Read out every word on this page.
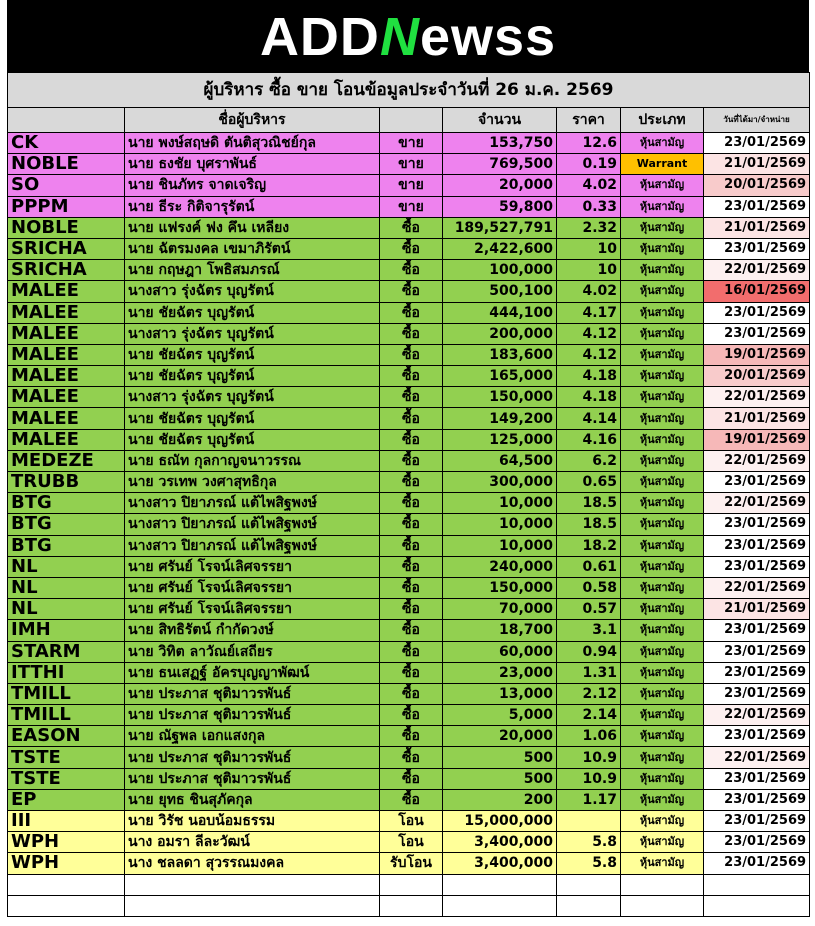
ADDNewss
ผู้บริหาร ซื้อ ขาย โอนข้อมูลประจำวันที่ 26 ม.ค. 2569						
	ชื่อผู้บริหาร		จำนวน	ราคา	ประเภท	วันที่ได้มา/จำหน่าย
CK	นาย พงษ์สฤษดิ ตันติสุวณิชย์กุล	ขาย	153,750	12.6	หุ้นสามัญ	23/01/2569
NOBLE	นาย ธงชัย บุศราพันธ์	ขาย	769,500	0.19	Warrant	21/01/2569
SO	นาย ชินภัทร จาดเจริญ	ขาย	20,000	4.02	หุ้นสามัญ	20/01/2569
PPPM	นาย ธีระ กิติจารุรัตน์	ขาย	59,800	0.33	หุ้นสามัญ	23/01/2569
NOBLE	นาย แฟรงค์ ฟง คึน เหลียง	ซื้อ	189,527,791	2.32	หุ้นสามัญ	21/01/2569
SRICHA	นาย ฉัตรมงคล เขมาภิรัตน์	ซื้อ	2,422,600	10	หุ้นสามัญ	23/01/2569
SRICHA	นาย กฤษฎา โพธิสมภรณ์	ซื้อ	100,000	10	หุ้นสามัญ	22/01/2569
MALEE	นางสาว รุ่งฉัตร บุญรัตน์	ซื้อ	500,100	4.02	หุ้นสามัญ	16/01/2569
MALEE	นาย ชัยฉัตร บุญรัตน์	ซื้อ	444,100	4.17	หุ้นสามัญ	23/01/2569
MALEE	นางสาว รุ่งฉัตร บุญรัตน์	ซื้อ	200,000	4.12	หุ้นสามัญ	23/01/2569
MALEE	นาย ชัยฉัตร บุญรัตน์	ซื้อ	183,600	4.12	หุ้นสามัญ	19/01/2569
MALEE	นาย ชัยฉัตร บุญรัตน์	ซื้อ	165,000	4.18	หุ้นสามัญ	20/01/2569
MALEE	นางสาว รุ่งฉัตร บุญรัตน์	ซื้อ	150,000	4.18	หุ้นสามัญ	22/01/2569
MALEE	นาย ชัยฉัตร บุญรัตน์	ซื้อ	149,200	4.14	หุ้นสามัญ	21/01/2569
MALEE	นาย ชัยฉัตร บุญรัตน์	ซื้อ	125,000	4.16	หุ้นสามัญ	19/01/2569
MEDEZE	นาย ธณัท กุลกาญจนาวรรณ	ซื้อ	64,500	6.2	หุ้นสามัญ	22/01/2569
TRUBB	นาย วรเทพ วงศาสุทธิกุล	ซื้อ	300,000	0.65	หุ้นสามัญ	23/01/2569
BTG	นางสาว ปิยาภรณ์ แต้ไพสิฐพงษ์	ซื้อ	10,000	18.5	หุ้นสามัญ	22/01/2569
BTG	นางสาว ปิยาภรณ์ แต้ไพสิฐพงษ์	ซื้อ	10,000	18.5	หุ้นสามัญ	23/01/2569
BTG	นางสาว ปิยาภรณ์ แต้ไพสิฐพงษ์	ซื้อ	10,000	18.2	หุ้นสามัญ	23/01/2569
NL	นาย ศรันย์ โรจน์เลิศจรรยา	ซื้อ	240,000	0.61	หุ้นสามัญ	23/01/2569
NL	นาย ศรันย์ โรจน์เลิศจรรยา	ซื้อ	150,000	0.58	หุ้นสามัญ	22/01/2569
NL	นาย ศรันย์ โรจน์เลิศจรรยา	ซื้อ	70,000	0.57	หุ้นสามัญ	21/01/2569
IMH	นาย สิทธิรัตน์ กำกัดวงษ์	ซื้อ	18,700	3.1	หุ้นสามัญ	23/01/2569
STARM	นาย วิทิต ลาวัณย์เสถียร	ซื้อ	60,000	0.94	หุ้นสามัญ	23/01/2569
ITTHI	นาย ธนเสฏฐ์ อัครบุญญาพัฒน์	ซื้อ	23,000	1.31	หุ้นสามัญ	23/01/2569
TMILL	นาย ประภาส ชุติมาวรพันธ์	ซื้อ	13,000	2.12	หุ้นสามัญ	23/01/2569
TMILL	นาย ประภาส ชุติมาวรพันธ์	ซื้อ	5,000	2.14	หุ้นสามัญ	22/01/2569
EASON	นาย ณัฐพล เอกแสงกุล	ซื้อ	20,000	1.06	หุ้นสามัญ	23/01/2569
TSTE	นาย ประภาส ชุติมาวรพันธ์	ซื้อ	500	10.9	หุ้นสามัญ	22/01/2569
TSTE	นาย ประภาส ชุติมาวรพันธ์	ซื้อ	500	10.9	หุ้นสามัญ	23/01/2569
EP	นาย ยุทธ ชินสุภัคกุล	ซื้อ	200	1.17	หุ้นสามัญ	23/01/2569
III	นาย วิรัช นอบน้อมธรรม	โอน	15,000,000		หุ้นสามัญ	23/01/2569
WPH	นาง อมรา ลีละวัฒน์	โอน	3,400,000	5.8	หุ้นสามัญ	23/01/2569
WPH	นาง ชลลดา สุวรรณมงคล	รับโอน	3,400,000	5.8	หุ้นสามัญ	23/01/2569
